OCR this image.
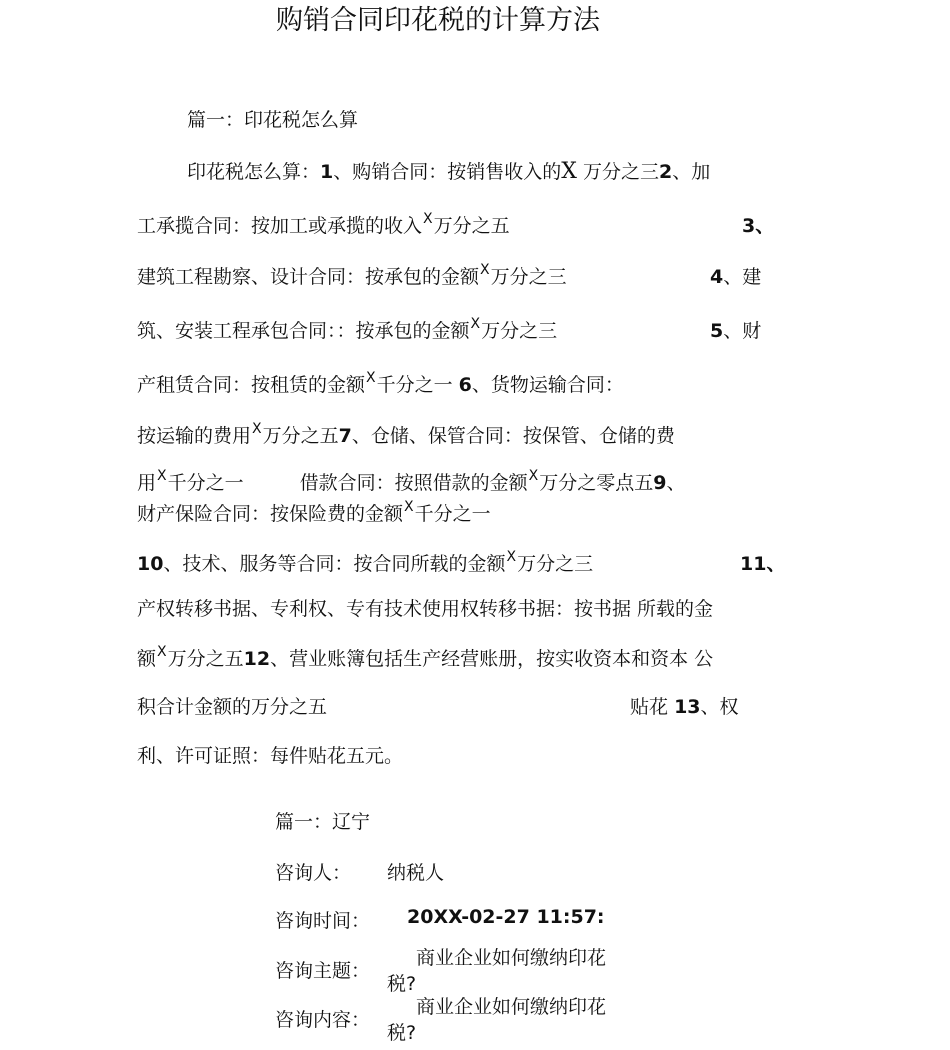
购销合同印花税的计算方法
篇一：印花税怎么算
印花税怎么算：1、购销合同：按销售收入的X 万分之三2、加
工承揽合同：按加工或承揽的收入$^X$万分之五	3、
建筑工程勘察、设计合同：按承包的金额$^X$万分之三	4、建
筑、安装工程承包合同：：按承包的金额$^X$万分之三	5、财
产租赁合同：按租赁的金额$^X$千分之一 6、货物运输合同：
按运输的费用$^X$万分之五7、仓储、保管合同：按保管、仓储的费
用$^X$千分之一	借款合同：按照借款的金额$^X$万分之零点五9、
财产保险合同：按保险费的金额$^X$千分之一
10、技术、服务等合同：按合同所载的金额$^X$万分之三	11、
产权转移书据、专利权、专有技术使用权转移书据：按书据 所载的金
额$^X$万分之五12、营业账簿包括生产经营账册，按实收资本和资本 公
积合计金额的万分之五	贴花 13、权
利、许可证照：每件贴花五元。
篇一：辽宁
咨询人： 纳税人
咨询时间： 20XX-02-27 11:57:
咨询主题：
商业企业如何缴纳印花
税?
咨询内容：
商业企业如何缴纳印花
税?
